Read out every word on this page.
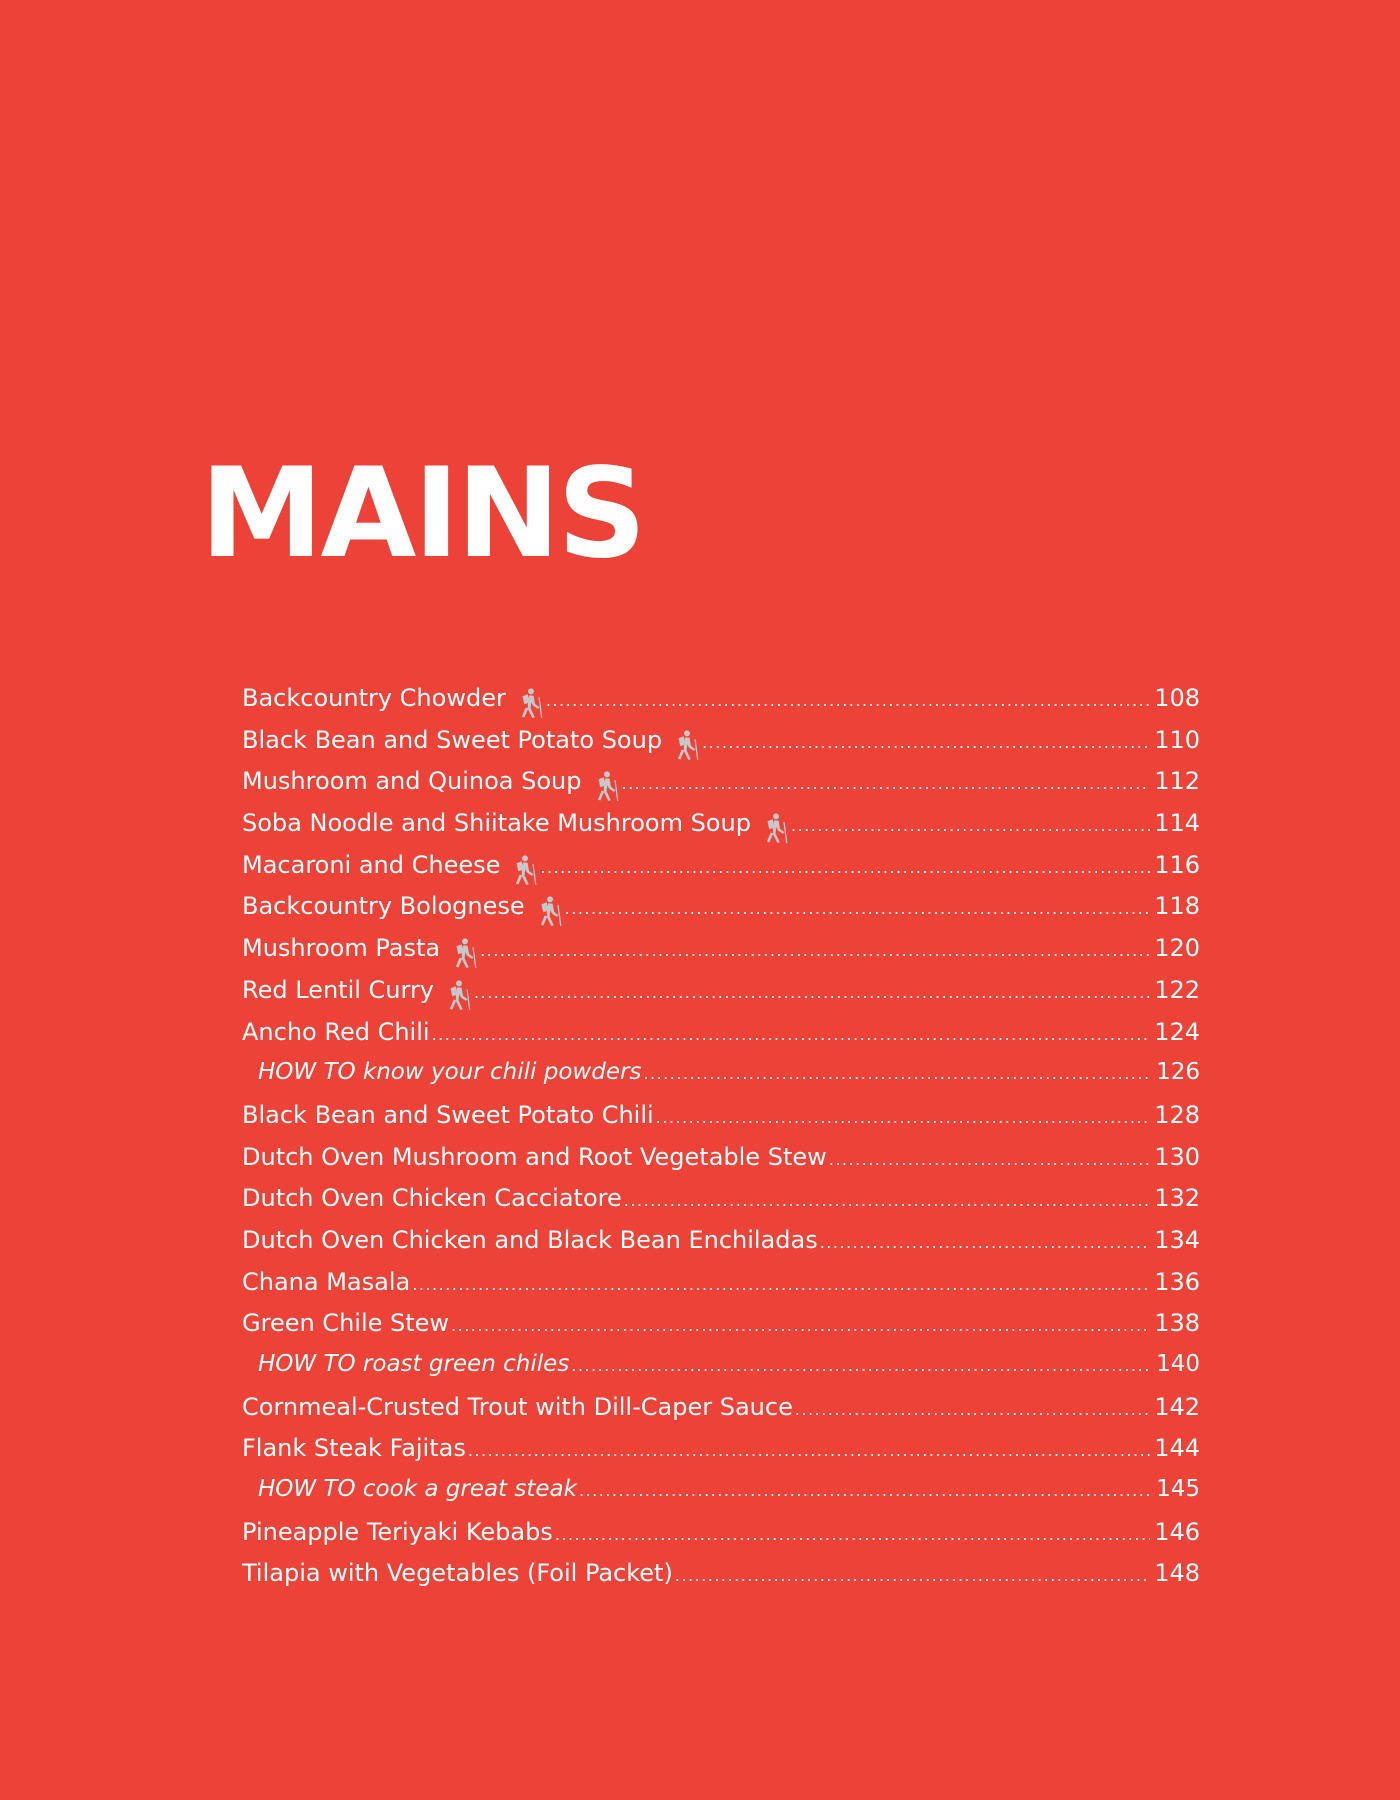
MAINS
Backcountry Chowder .....	108
Black Bean and Sweet Potato Soup .....	110
Mushroom and Quinoa Soup .....	112
Soba Noodle and Shiitake Mushroom Soup .....	114
Macaroni and Cheese .....	116
Backcountry Bolognese .....	118
Mushroom Pasta .....	120
Red Lentil Curry .....	122
Ancho Red Chili .....	124
HOW TO know your chili powders .....	126
Black Bean and Sweet Potato Chili .....	128
Dutch Oven Mushroom and Root Vegetable Stew .....	130
Dutch Oven Chicken Cacciatore .....	132
Dutch Oven Chicken and Black Bean Enchiladas .....	134
Chana Masala .....	136
Green Chile Stew .....	138
HOW TO roast green chiles .....	140
Cornmeal-Crusted Trout with Dill-Caper Sauce .....	142
Flank Steak Fajitas .....	144
HOW TO cook a great steak .....	145
Pineapple Teriyaki Kebabs .....	146
Tilapia with Vegetables (Foil Packet) .....	148
